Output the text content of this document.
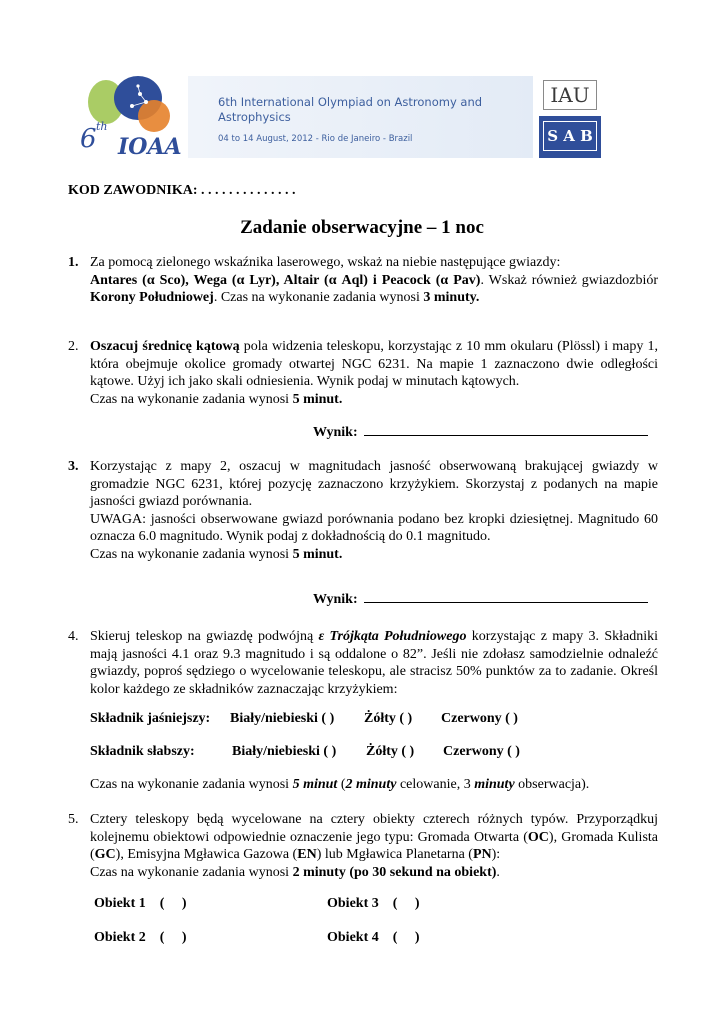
6 th
IOAA
6th International Olympiad on Astronomy and
Astrophysics
04 to 14 August, 2012 - Rio de Janeiro - Brazil
IAU
S A B
KOD ZAWODNIKA: . . . . . . . . . . . . . .
Zadanie obserwacyjne – 1 noc
1. Za pomocą zielonego wskaźnika laserowego, wskaż na niebie następujące gwiazdy:

Antares (α Sco), Wega (α Lyr), Altair (α Aql) i Peacock (α Pav). Wskaż również gwiazdozbiór Korony Południowej. Czas na wykonanie zadania wynosi 3 minuty.

2. Oszacuj średnicę kątową pola widzenia teleskopu, korzystając z 10 mm okularu (Plössl) i mapy 1, która obejmuje okolice gromady otwartej NGC 6231. Na mapie 1 zaznaczono dwie odległości kątowe. Użyj ich jako skali odniesienia. Wynik podaj w minutach kątowych.

Czas na wykonanie zadania wynosi 5 minut.

Wynik:
3. Korzystając z mapy 2, oszacuj w magnitudach jasność obserwowaną brakującej gwiazdy w gromadzie NGC 6231, której pozycję zaznaczono krzyżykiem. Skorzystaj z podanych na mapie jasności gwiazd porównania.

UWAGA: jasności obserwowane gwiazd porównania podano bez kropki dziesiętnej. Magnitudo 60 oznacza 6.0 magnitudo. Wynik podaj z dokładnością do 0.1 magnitudo.

Czas na wykonanie zadania wynosi 5 minut.

Wynik:
4. Skieruj teleskop na gwiazdę podwójną ε Trójkąta Południowego korzystając z mapy 3. Składniki mają jasności 4.1 oraz 9.3 magnitudo i są oddalone o 82”. Jeśli nie zdołasz samodzielnie odnaleźć gwiazdy, poproś sędziego o wycelowanie teleskopu, ale stracisz 50% punktów za to zadanie. Określ kolor każdego ze składników zaznaczając krzyżykiem:

Składnik jaśniejszy: Biały/niebieski ( ) Żółty ( ) Czerwony ( )
Składnik słabszy:	Biały/niebieski ( ) Żółty ( ) Czerwony ( )

Czas na wykonanie zadania wynosi 5 minut (2 minuty celowanie, 3 minuty obserwacja).

5. Cztery teleskopy będą wycelowane na cztery obiekty czterech różnych typów. Przyporządkuj kolejnemu obiektowi odpowiednie oznaczenie jego typu: Gromada Otwarta (OC), Gromada Kulista (GC), Emisyjna Mgławica Gazowa (EN) lub Mgławica Planetarna (PN):

Czas na wykonanie zadania wynosi 2 minuty (po 30 sekund na obiekt).

Obiekt 1    (     )	Obiekt 3    (     )
Obiekt 2    (     )	Obiekt 4    (     )
